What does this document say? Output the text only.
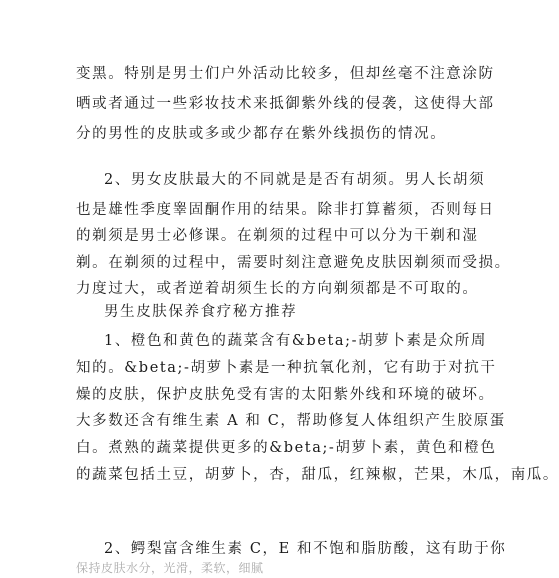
变黑。特别是男士们户外活动比较多，但却丝毫不注意涂防
晒或者通过一些彩妆技术来抵御紫外线的侵袭，这使得大部
分的男性的皮肤或多或少都存在紫外线损伤的情况。
2、男女皮肤最大的不同就是是否有胡须。男人长胡须
也是雄性季度睾固酮作用的结果。除非打算蓄须，否则每日
的剃须是男士必修课。在剃须的过程中可以分为干剃和湿
剃。在剃须的过程中，需要时刻注意避免皮肤因剃须而受损。
力度过大，或者逆着胡须生长的方向剃须都是不可取的。
男生皮肤保养食疗秘方推荐
1、橙色和黄色的蔬菜含有&beta;-胡萝卜素是众所周
知的。&beta;-胡萝卜素是一种抗氧化剂，它有助于对抗干
燥的皮肤，保护皮肤免受有害的太阳紫外线和环境的破坏。
大多数还含有维生素 A 和 C，帮助修复人体组织产生胶原蛋
白。煮熟的蔬菜提供更多的&beta;-胡萝卜素，黄色和橙色
的蔬菜包括土豆，胡萝卜，杏，甜瓜，红辣椒，芒果，木瓜，南瓜。
2、鳄梨富含维生素 C，E 和不饱和脂肪酸，这有助于你
保持皮肤水分，光滑，柔软，细腻
